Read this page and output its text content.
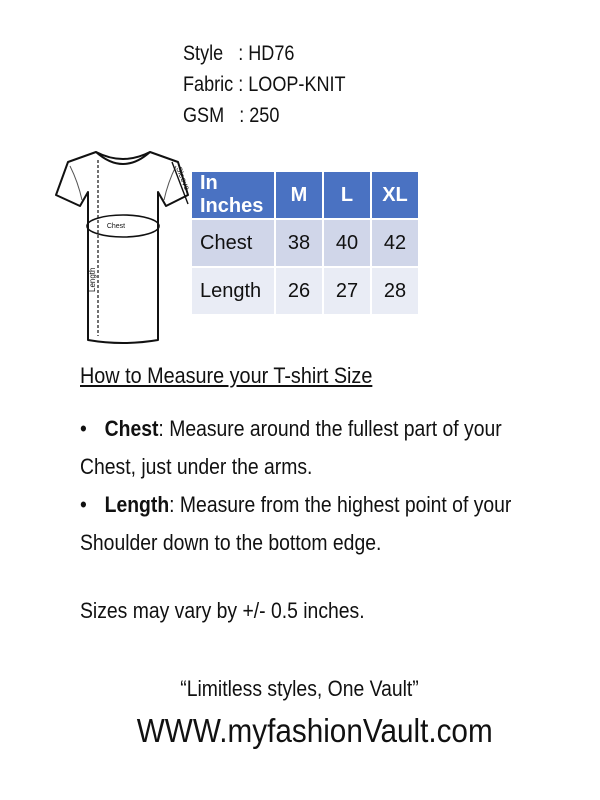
Style   : HD76
Fabric : LOOP-KNIT
GSM   : 250
Chest
Length
Sleeve In Inches	M	L	XL
Chest	38	40	42
Length	26	27	28
How to Measure your T-shirt Size
• Chest: Measure around the fullest part of your
Chest, just under the arms.
• Length: Measure from the highest point of your
Shoulder down to the bottom edge.
Sizes may vary by +/- 0.5 inches.
“Limitless styles, One Vault”
WWW.myfashionVault.com
